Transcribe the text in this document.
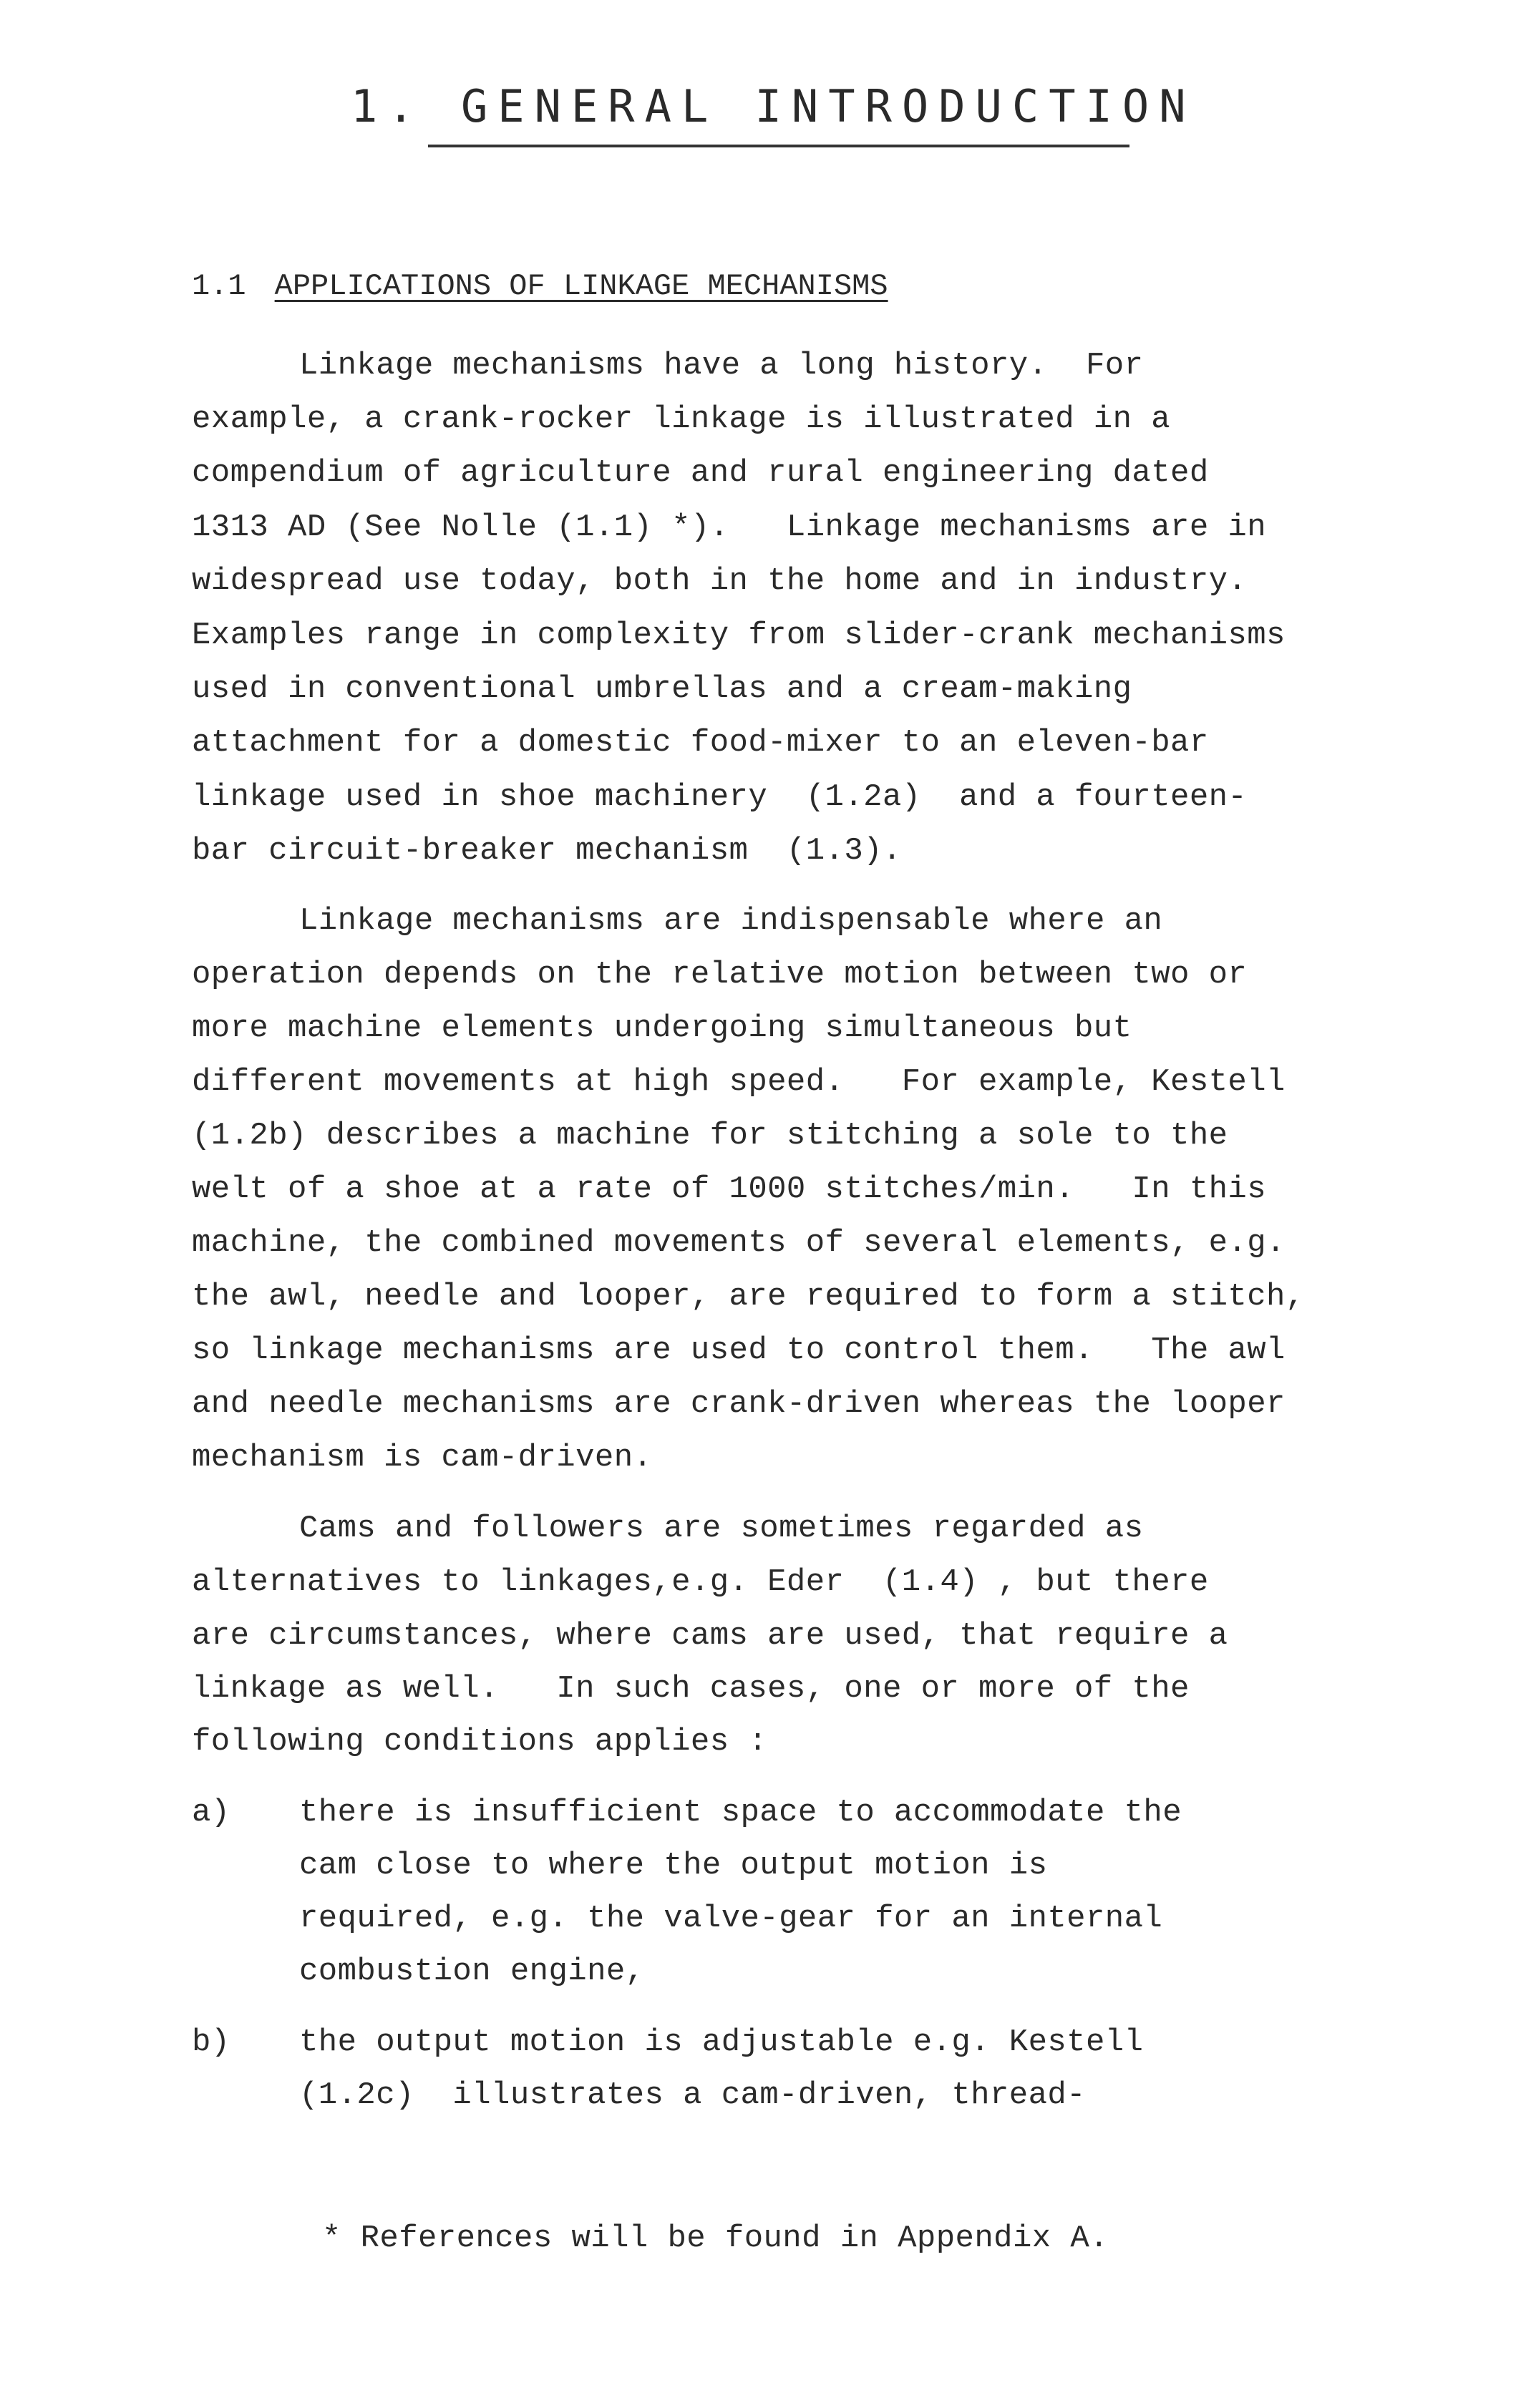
1. GENERAL INTRODUCTION
1.1 APPLICATIONS OF LINKAGE MECHANISMS
Linkage mechanisms have a long history.  For
example, a crank-rocker linkage is illustrated in a
compendium of agriculture and rural engineering dated
1313 AD (See Nolle (1.1) *).   Linkage mechanisms are in
widespread use today, both in the home and in industry.
Examples range in complexity from slider-crank mechanisms
used in conventional umbrellas and a cream-making
attachment for a domestic food-mixer to an eleven-bar
linkage used in shoe machinery  (1.2a)  and a fourteen-
bar circuit-breaker mechanism  (1.3).
Linkage mechanisms are indispensable where an
operation depends on the relative motion between two or
more machine elements undergoing simultaneous but
different movements at high speed.   For example, Kestell
(1.2b) describes a machine for stitching a sole to the
welt of a shoe at a rate of 1000 stitches/min.   In this
machine, the combined movements of several elements, e.g.
the awl, needle and looper, are required to form a stitch,
so linkage mechanisms are used to control them.   The awl
and needle mechanisms are crank-driven whereas the looper
mechanism is cam-driven.
Cams and followers are sometimes regarded as
alternatives to linkages,e.g. Eder  (1.4) , but there
are circumstances, where cams are used, that require a
linkage as well.   In such cases, one or more of the
following conditions applies :
a) there is insufficient space to accommodate the
cam close to where the output motion is
required, e.g. the valve-gear for an internal
combustion engine,
b) the output motion is adjustable e.g. Kestell
(1.2c)  illustrates a cam-driven, thread-
* References will be found in Appendix A.
